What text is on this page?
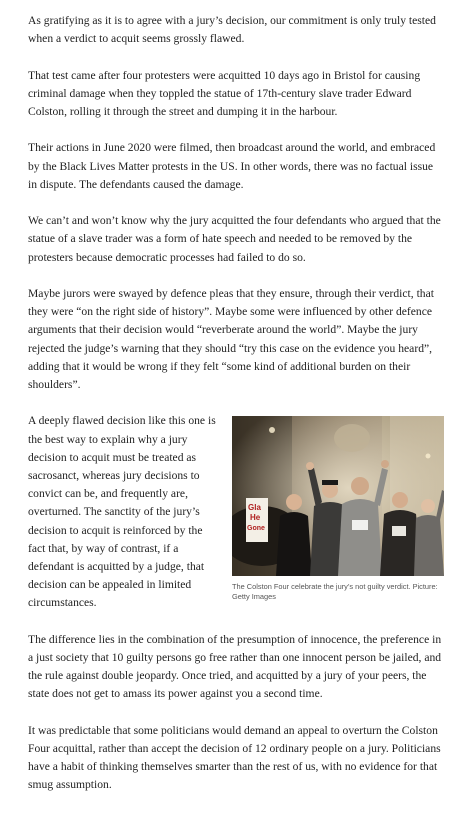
As gratifying as it is to agree with a jury’s decision, our commitment is only truly tested when a verdict to acquit seems grossly flawed.

That test came after four protesters were acquitted 10 days ago in Bristol for causing criminal damage when they toppled the statue of 17th-century slave trader Edward Colston, rolling it through the street and dumping it in the harbour.

Their actions in June 2020 were filmed, then broadcast around the world, and embraced by the Black Lives Matter protests in the US. In other words, there was no factual issue in dispute. The defendants caused the damage.

We can’t and won’t know why the jury acquitted the four defendants who argued that the statue of a slave trader was a form of hate speech and needed to be removed by the protesters because democratic processes had failed to do so.

Maybe jurors were swayed by defence pleas that they ensure, through their verdict, that they were “on the right side of history”. Maybe some were influenced by other defence arguments that their decision would “reverberate around the world”. Maybe the jury rejected the judge’s warning that they should “try this case on the evidence you heard”, adding that it would be wrong if they felt “some kind of additional burden on their shoulders”.

A deeply flawed decision like this one is the best way to explain why a jury decision to acquit must be treated as sacrosanct, whereas jury decisions to convict can be, and frequently are, overturned. The sanctity of the jury’s decision to acquit is reinforced by the fact that, by way of contrast, if a defendant is acquitted by a judge, that decision can be appealed in limited circumstances.

Gla
He
Gone
The Colston Four celebrate the jury’s not guilty verdict. Picture: Getty Images

The difference lies in the combination of the presumption of innocence, the preference in a just society that 10 guilty persons go free rather than one innocent person be jailed, and the rule against double jeopardy. Once tried, and acquitted by a jury of your peers, the state does not get to amass its power against you a second time.

It was predictable that some politicians would demand an appeal to overturn the Colston Four acquittal, rather than accept the decision of 12 ordinary people on a jury. Politicians have a habit of thinking themselves smarter than the rest of us, with no evidence for that smug assumption.
